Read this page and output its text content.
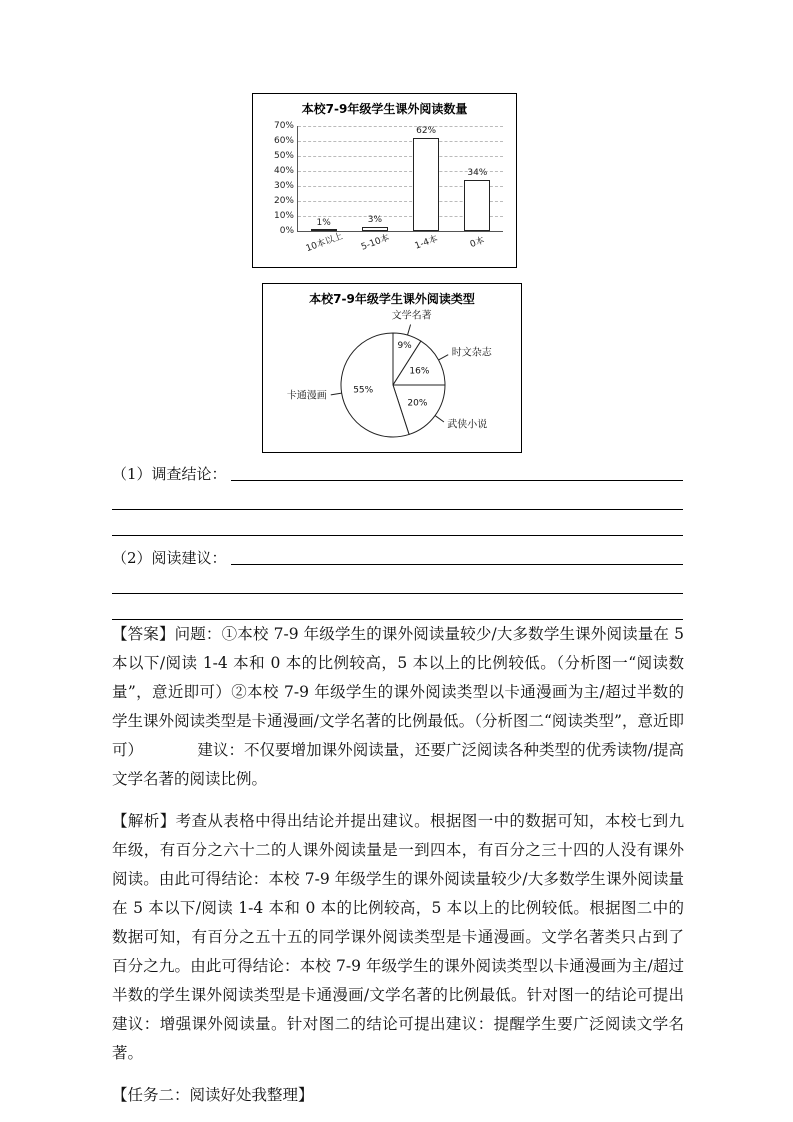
本校7-9年级学生课外阅读数量
0%
10%
20%
30%
40%
50%
60%
70%
1%
10本以上
3%
5-10本
62%
1-4本
34%
0本
本校7-9年级学生课外阅读类型
9%
文学名著
16%
时文杂志
20%
武侠小说
55%
卡通漫画
（1）调查结论：
（2）阅读建议：

【答案】问题：①本校 7-9 年级学生的课外阅读量较少/大多数学生课外阅读量在 5 本以下/阅读 1-4 本和 0 本的比例较高，5 本以上的比例较低。（分析图一“阅读数量”，意近即可）②本校 7-9 年级学生的课外阅读类型以卡通漫画为主/超过半数的学生课外阅读类型是卡通漫画/文学名著的比例最低。（分析图二“阅读类型”，意近即可）　　　　建议：不仅要增加课外阅读量，还要广泛阅读各种类型的优秀读物/提高文学名著的阅读比例。

【解析】考查从表格中得出结论并提出建议。根据图一中的数据可知，本校七到九年级，有百分之六十二的人课外阅读量是一到四本，有百分之三十四的人没有课外阅读。由此可得结论：本校 7-9 年级学生的课外阅读量较少/大多数学生课外阅读量在 5 本以下/阅读 1-4 本和 0 本的比例较高，5 本以上的比例较低。根据图二中的数据可知，有百分之五十五的同学课外阅读类型是卡通漫画。文学名著类只占到了百分之九。由此可得结论：本校 7-9 年级学生的课外阅读类型以卡通漫画为主/超过半数的学生课外阅读类型是卡通漫画/文学名著的比例最低。针对图一的结论可提出建议：增强课外阅读量。针对图二的结论可提出建议：提醒学生要广泛阅读文学名著。

【任务二：阅读好处我整理】
